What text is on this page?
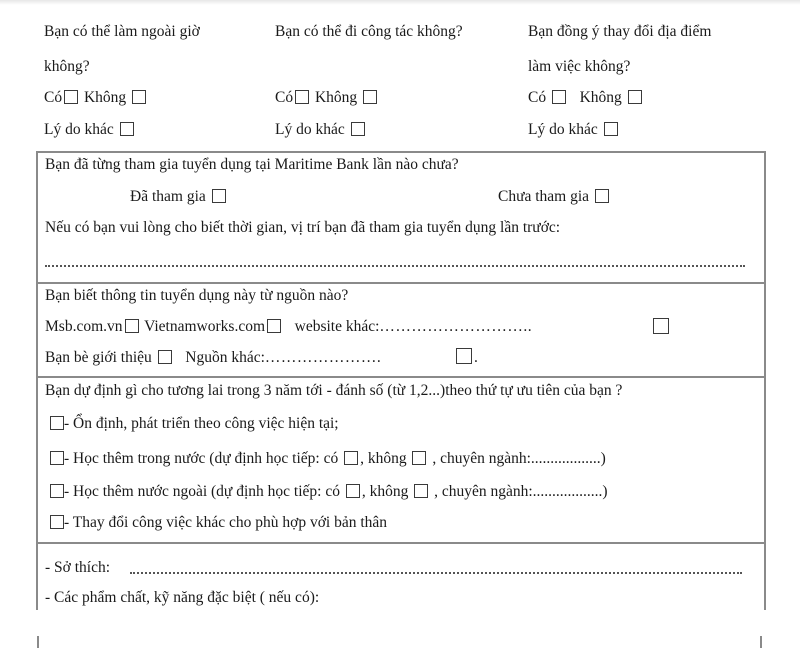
Bạn có thể làm ngoài giờ
không?
Có Không
Lý do khác
Bạn có thể đi công tác không?
Có Không
Lý do khác
Bạn đồng ý thay đổi địa điểm
làm việc không?
Có Không
Lý do khác
Bạn đã từng tham gia tuyển dụng tại Maritime Bank lần nào chưa?
Đã tham gia	Chưa tham gia
Nếu có bạn vui lòng cho biết thời gian, vị trí bạn đã tham gia tuyển dụng lần trước:
Bạn biết thông tin tuyển dụng này từ nguồn nào?
Msb.com.vn Vietnamworks.com website khác:………………………..
Bạn bè giới thiệu Nguồn khác:………………….	.
Bạn dự định gì cho tương lai trong 3 năm tới - đánh số (từ 1,2...)theo thứ tự ưu tiên của bạn ?
- Ổn định, phát triển theo công việc hiện tại;
- Học thêm trong nước (dự định học tiếp: có , không , chuyên ngành:..................)
- Học thêm nước ngoài (dự định học tiếp: có , không , chuyên ngành:..................)
- Thay đổi công việc khác cho phù hợp với bản thân
- Sở thích:
- Các phẩm chất, kỹ năng đặc biệt ( nếu có):
